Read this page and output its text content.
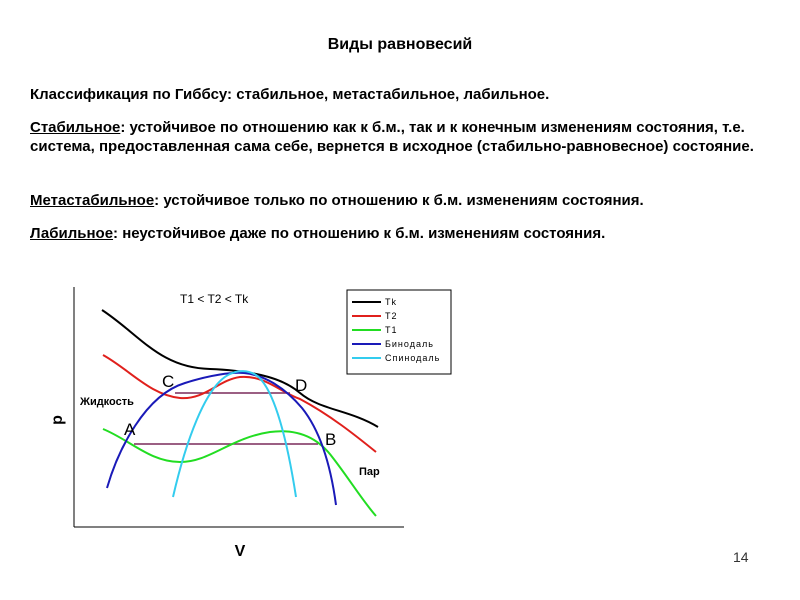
Виды равновесий
Классификация по Гиббсу: стабильное, метастабильное, лабильное.
Стабильное: устойчивое по отношению как к б.м., так и к конечным изменениям состояния, т.е. система, предоставленная сама себе, вернется в исходное (стабильно-равновесное) состояние.
Метастабильное: устойчивое только по отношению к б.м. изменениям состояния.
Лабильное: неустойчивое даже по отношению к б.м. изменениям состояния.
V
p
T1 < T2 < Tk
Жидкость
Пар
A
B
C	D
Tk
T2
T1
Бинодаль
Спинодаль
14
